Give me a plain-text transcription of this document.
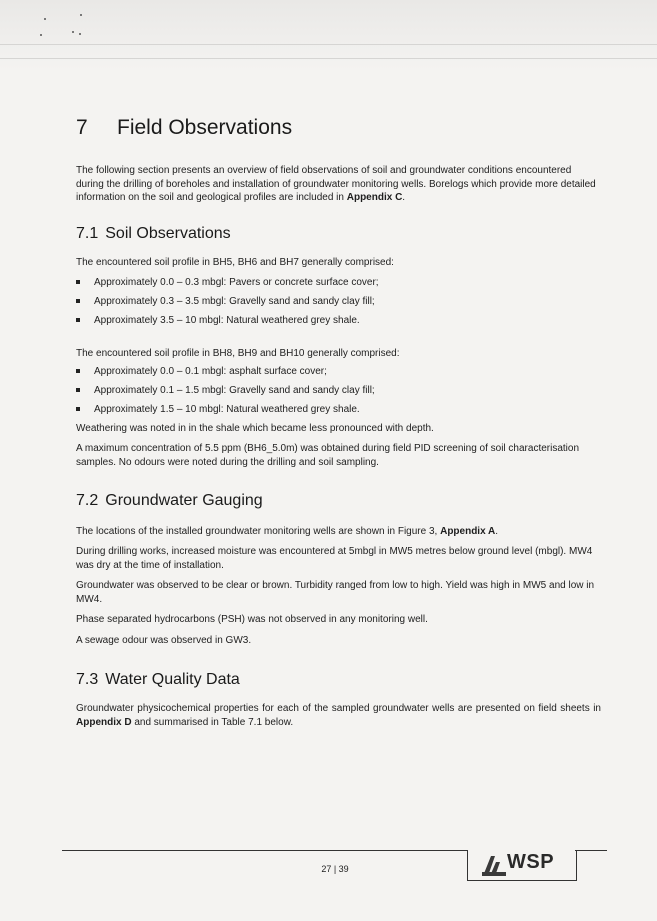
7 Field Observations

The following section presents an overview of field observations of soil and groundwater conditions encountered during the drilling of boreholes and installation of groundwater monitoring wells. Borelogs which provide more detailed information on the soil and geological profiles are included in Appendix C.

7.1 Soil Observations

The encountered soil profile in BH5, BH6 and BH7 generally comprised:

Approximately 0.0 – 0.3 mbgl: Pavers or concrete surface cover;
Approximately 0.3 – 3.5 mbgl: Gravelly sand and sandy clay fill;
Approximately 3.5 – 10 mbgl: Natural weathered grey shale.

The encountered soil profile in BH8, BH9 and BH10 generally comprised:

Approximately 0.0 – 0.1 mbgl: asphalt surface cover;
Approximately 0.1 – 1.5 mbgl: Gravelly sand and sandy clay fill;
Approximately 1.5 – 10 mbgl: Natural weathered grey shale.

Weathering was noted in in the shale which became less pronounced with depth.

A maximum concentration of 5.5 ppm (BH6_5.0m) was obtained during field PID screening of soil characterisation samples. No odours were noted during the drilling and soil sampling.

7.2 Groundwater Gauging

The locations of the installed groundwater monitoring wells are shown in Figure 3, Appendix A.

During drilling works, increased moisture was encountered at 5mbgl in MW5 metres below ground level (mbgl). MW4 was dry at the time of installation.

Groundwater was observed to be clear or brown. Turbidity ranged from low to high. Yield was high in MW5 and low in MW4.

Phase separated hydrocarbons (PSH) was not observed in any monitoring well.

A sewage odour was observed in GW3.

7.3 Water Quality Data

Groundwater physicochemical properties for each of the sampled groundwater wells are presented on field sheets in Appendix D and summarised in Table 7.1 below.

27 | 39	WSP
